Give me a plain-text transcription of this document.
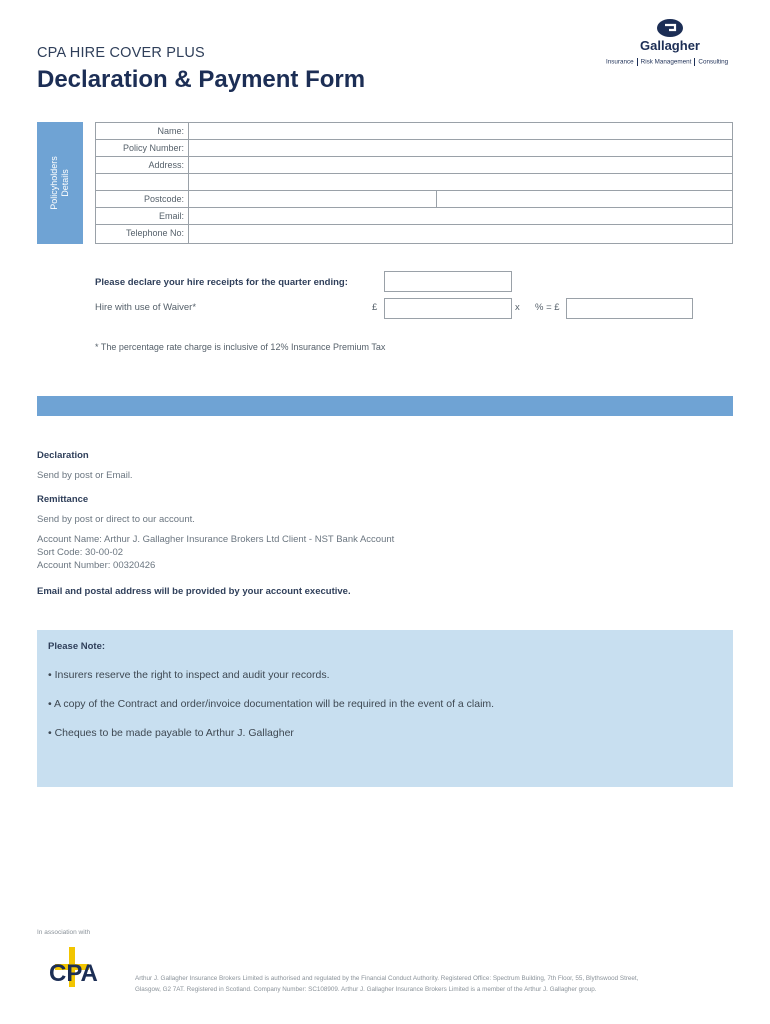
CPA HIRE COVER PLUS
Declaration & Payment Form
Gallagher
Insurance Risk Management Consulting
Policyholders Details
Name:
Policy Number:
Address:
Postcode:
Email:
Telephone No:
Please declare your hire receipts for the quarter ending:
Hire with use of Waiver*	£	x % = £
* The percentage rate charge is inclusive of 12% Insurance Premium Tax
Declaration
Send by post or Email.
Remittance
Send by post or direct to our account.
Account Name: Arthur J. Gallagher Insurance Brokers Ltd Client - NST Bank Account
Sort Code: 30-00-02
Account Number: 00320426
Email and postal address will be provided by your account executive.
Please Note:
• Insurers reserve the right to inspect and audit your records.
• A copy of the Contract and order/invoice documentation will be required in the event of a claim.
• Cheques to be made payable to Arthur J. Gallagher
In association with
CPA	Arthur J. Gallagher Insurance Brokers Limited is authorised and regulated by the Financial Conduct Authority. Registered Office: Spectrum Building, 7th Floor, 55, Blythswood Street,
Glasgow, G2 7AT. Registered in Scotland. Company Number: SC108909. Arthur J. Gallagher Insurance Brokers Limited is a member of the Arthur J. Gallagher group.
